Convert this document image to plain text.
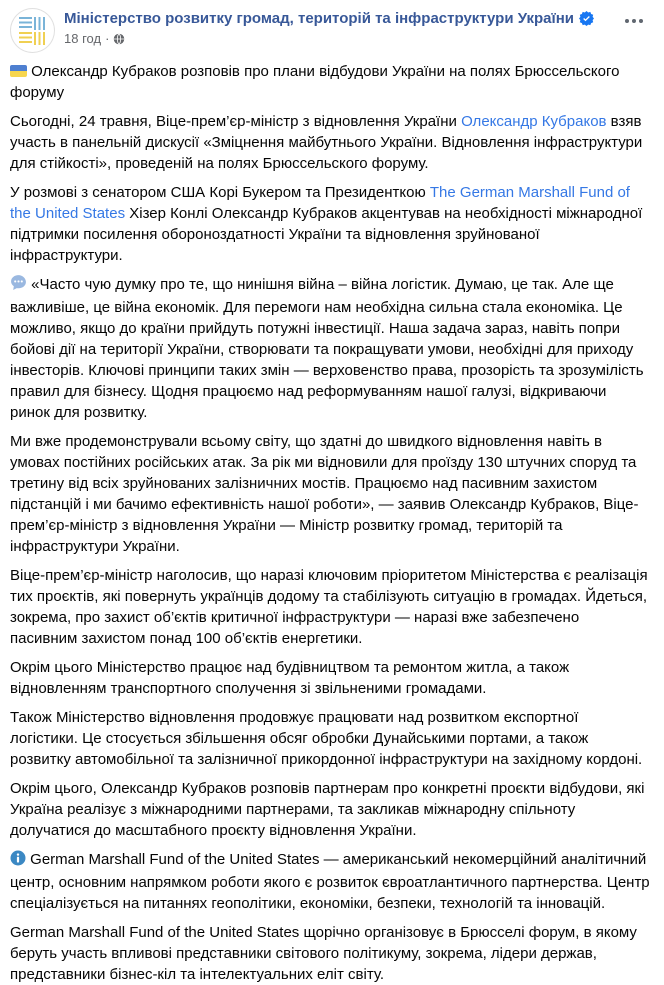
Міністерство розвитку громад, територій та інфраструктури України
18 год ·

Олександр Кубраков розповів про плани відбудови України на полях Брюссельского форуму

Сьогодні, 24 травня, Віце-прем’єр-міністр з відновлення України Олександр Кубраков взяв участь в панельній дискусії «Зміцнення майбутнього України. Відновлення інфраструктури для стійкості», проведеній на полях Брюссельского форуму.

У розмові з сенатором США Корі Букером та Президенткою The German Marshall Fund of the United States Хізер Конлі Олександр Кубраков акцентував на необхідності міжнародної підтримки посилення обороноздатності України та відновлення зруйнованої інфраструктури.

«Часто чую думку про те, що нинішня війна – війна логістик. Думаю, це так. Але ще важливіше, це війна економік. Для перемоги нам необхідна сильна стала економіка. Це можливо, якщо до країни прийдуть потужні інвестиції. Наша задача зараз, навіть попри бойові дії на території України, створювати та покращувати умови, необхідні для приходу інвесторів. Ключові принципи таких змін — верховенство права, прозорість та зрозумілість правил для бізнесу. Щодня працюємо над реформуванням нашої галузі, відкриваючи ринок для розвитку.

Ми вже продемонстрували всьому світу, що здатні до швидкого відновлення навіть в умовах постійних російських атак. За рік ми відновили для проїзду 130 штучних споруд та третину від всіх зруйнованих залізничних мостів. Працюємо над пасивним захистом підстанцій і ми бачимо ефективність нашої роботи», — заявив Олександр Кубраков, Віце-прем’єр-міністр з відновлення України — Міністр розвитку громад, територій та інфраструктури України.

Віце-прем’єр-міністр наголосив, що наразі ключовим пріоритетом Міністерства є реалізація тих проєктів, які повернуть українців додому та стабілізують ситуацію в громадах. Йдеться, зокрема, про захист об’єктів критичної інфраструктури — наразі вже забезпечено пасивним захистом понад 100 об’єктів енергетики.

Окрім цього Міністерство працює над будівництвом та ремонтом житла, а також відновленням транспортного сполучення зі звільненими громадами.

Також Міністерство відновлення продовжує працювати над розвитком експортної логістики. Це стосується збільшення обсяг обробки Дунайськими портами, а також розвитку автомобільної та залізничної прикордонної інфраструктури на західному кордоні.

Окрім цього, Олександр Кубраков розповів партнерам про конкретні проєкти відбудови, які Україна реалізує з міжнародними партнерами, та закликав міжнародну спільноту долучатися до масштабного проєкту відновлення України.

German Marshall Fund of the United States — американський некомерційний аналітичний центр, основним напрямком роботи якого є розвиток євроатлантичного партнерства. Центр спеціалізується на питаннях геополітики, економіки, безпеки, технологій та інновацій.

German Marshall Fund of the United States щорічно організовує в Брюсселі форум, в якому беруть участь впливові представники світового політикуму, зокрема, лідери держав, представники бізнес-кіл та інтелектуальних еліт світу.
